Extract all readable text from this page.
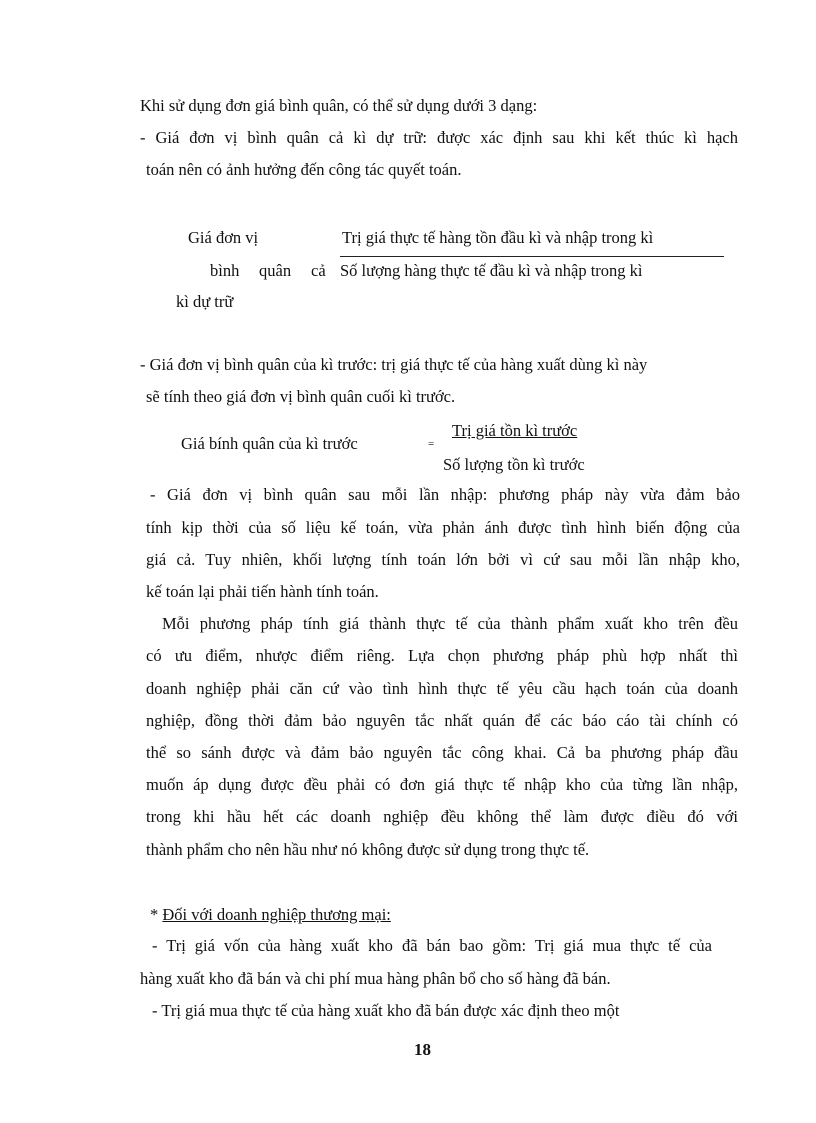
Khi sử dụng đơn giá bình quân, có thể sử dụng dưới 3 dạng:
- Giá đơn vị bình quân cả kì dự trữ: được xác định sau khi kết thúc kì hạch
toán nên có ảnh hưởng đến công tác quyết toán.
Giá đơn vị
bình quân cả
kì dự trữ
Trị giá thực tế hàng tồn đầu kì và nhập trong kì
Số lượng hàng thực tế đầu kì và nhập trong kì
- Giá đơn vị bình quân của kì trước: trị giá thực tế của hàng xuất dùng kì này
sẽ tính theo giá đơn vị bình quân cuối kì trước.
Giá bính quân của kì trước	=
Trị giá tồn kì trước
Số lượng tồn kì trước
- Giá đơn vị bình quân sau mỗi lần nhập: phương pháp này vừa đảm bảo
tính kịp thời của số liệu kế toán, vừa phản ánh được tình hình biến động của
giá cả. Tuy nhiên, khối lượng tính toán lớn bởi vì cứ sau mỗi lần nhập kho,
kế toán lại phải tiến hành tính toán.
Mỗi phương pháp tính giá thành thực tế của thành phẩm xuất kho trên đều
có ưu điểm, nhược điểm riêng. Lựa chọn phương pháp phù hợp nhất thì
doanh nghiệp phải căn cứ vào tình hình thực tế yêu cầu hạch toán của doanh
nghiệp, đồng thời đảm bảo nguyên tắc nhất quán để các báo cáo tài chính có
thể so sánh được và đảm bảo nguyên tắc công khai. Cả ba phương pháp đầu
muốn áp dụng được đều phải có đơn giá thực tế nhập kho của từng lần nhập,
trong khi hầu hết các doanh nghiệp đều không thể làm được điều đó với
thành phẩm cho nên hầu như nó không được sử dụng trong thực tế.
* Đối với doanh nghiệp thương mại:
- Trị giá vốn của hàng xuất kho đã bán bao gồm: Trị giá mua thực tế của
hàng xuất kho đã bán và chi phí mua hàng phân bổ cho số hàng đã bán.
- Trị giá mua thực tế của hàng xuất kho đã bán được xác định theo một
18
